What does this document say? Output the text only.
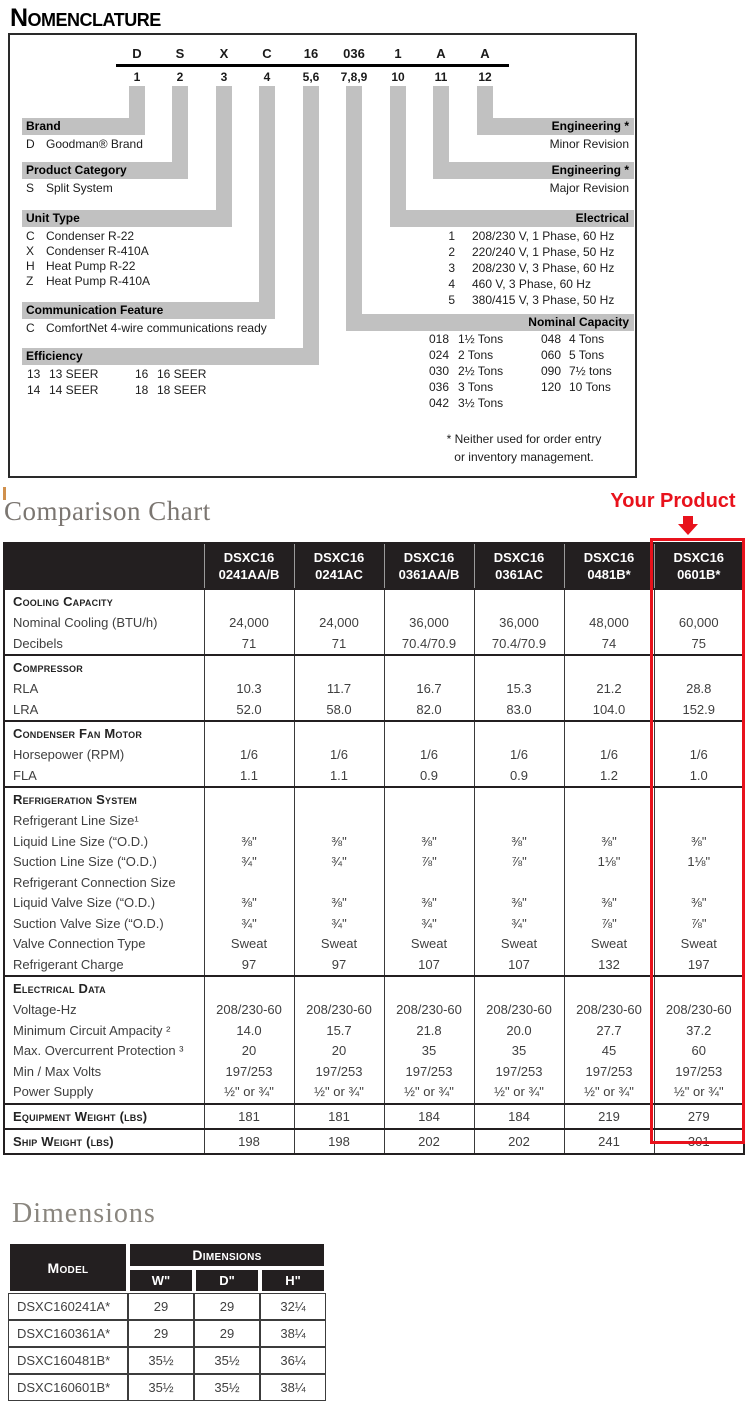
Nomenclature
D	S	X	C	16	036	1	A	A
1	2	3	4	5,6	7,8,9	10	11	12
Brand
Product Category
Unit Type
Communication Feature
Efficiency
Engineering *
Engineering *
Electrical
Nominal Capacity
D Goodman® Brand
S Split System
C Condenser R-22
X Condenser R-410A
H Heat Pump R-22
Z Heat Pump R-410A
C ComfortNet 4-wire communications ready
13 13 SEER	16 16 SEER
14 14 SEER	18 18 SEER
Minor Revision
Major Revision
1 208/230 V, 1 Phase, 60 Hz
2 220/240 V, 1 Phase, 50 Hz
3 208/230 V, 3 Phase, 60 Hz
4 460 V, 3 Phase, 60 Hz
5 380/415 V, 3 Phase, 50 Hz
018 1½ Tons	048 4 Tons
024 2 Tons	060 5 Tons
030 2½ Tons	090 7½ tons
036 3 Tons	120 10 Tons
042 3½ Tons
* Neither used for order entry
or inventory management.
Comparison Chart	Your Product

DSXC16
0241AA/B

DSXC16
0241AC

DSXC16
0361AA/B

DSXC16
0361AC

DSXC16
0481B*

DSXC16
0601B*

Cooling Capacity						
Nominal Cooling (BTU/h)	24,000	24,000	36,000	36,000	48,000	60,000
Decibels	71	71	70.4/70.9	70.4/70.9	74	75
Compressor						
RLA	10.3	11.7	16.7	15.3	21.2	28.8
LRA	52.0	58.0	82.0	83.0	104.0	152.9
Condenser Fan Motor						
Horsepower (RPM)	1/6	1/6	1/6	1/6	1/6	1/6
FLA	1.1	1.1	0.9	0.9	1.2	1.0
Refrigeration System						
Refrigerant Line Size¹						
Liquid Line Size (“O.D.)	⅜"	⅜"	⅜"	⅜"	⅜"	⅜"
Suction Line Size (“O.D.)	¾"	¾"	⅞"	⅞"	1⅛"	1⅛"
Refrigerant Connection Size						
Liquid Valve Size (“O.D.)	⅜"	⅜"	⅜"	⅜"	⅜"	⅜"
Suction Valve Size (“O.D.)	¾"	¾"	¾"	¾"	⅞"	⅞"
Valve Connection Type	Sweat	Sweat	Sweat	Sweat	Sweat	Sweat
Refrigerant Charge	97	97	107	107	132	197
Electrical Data						
Voltage-Hz	208/230-60	208/230-60	208/230-60	208/230-60	208/230-60	208/230-60
Minimum Circuit Ampacity ²	14.0	15.7	21.8	20.0	27.7	37.2
Max. Overcurrent Protection ³	20	20	35	35	45	60
Min / Max Volts	197/253	197/253	197/253	197/253	197/253	197/253
Power Supply	½" or ¾"	½" or ¾"	½" or ¾"	½" or ¾"	½" or ¾"	½" or ¾"
Equipment Weight (lbs)	181	181	184	184	219	279
Ship Weight (lbs)	198	198	202	202	241	301
Dimensions
Model	Dimensions		
	W"	D"	H"
DSXC160241A*	29	29	32¼
DSXC160361A*	29	29	38¼
DSXC160481B*	35½	35½	36¼
DSXC160601B*	35½	35½	38¼
